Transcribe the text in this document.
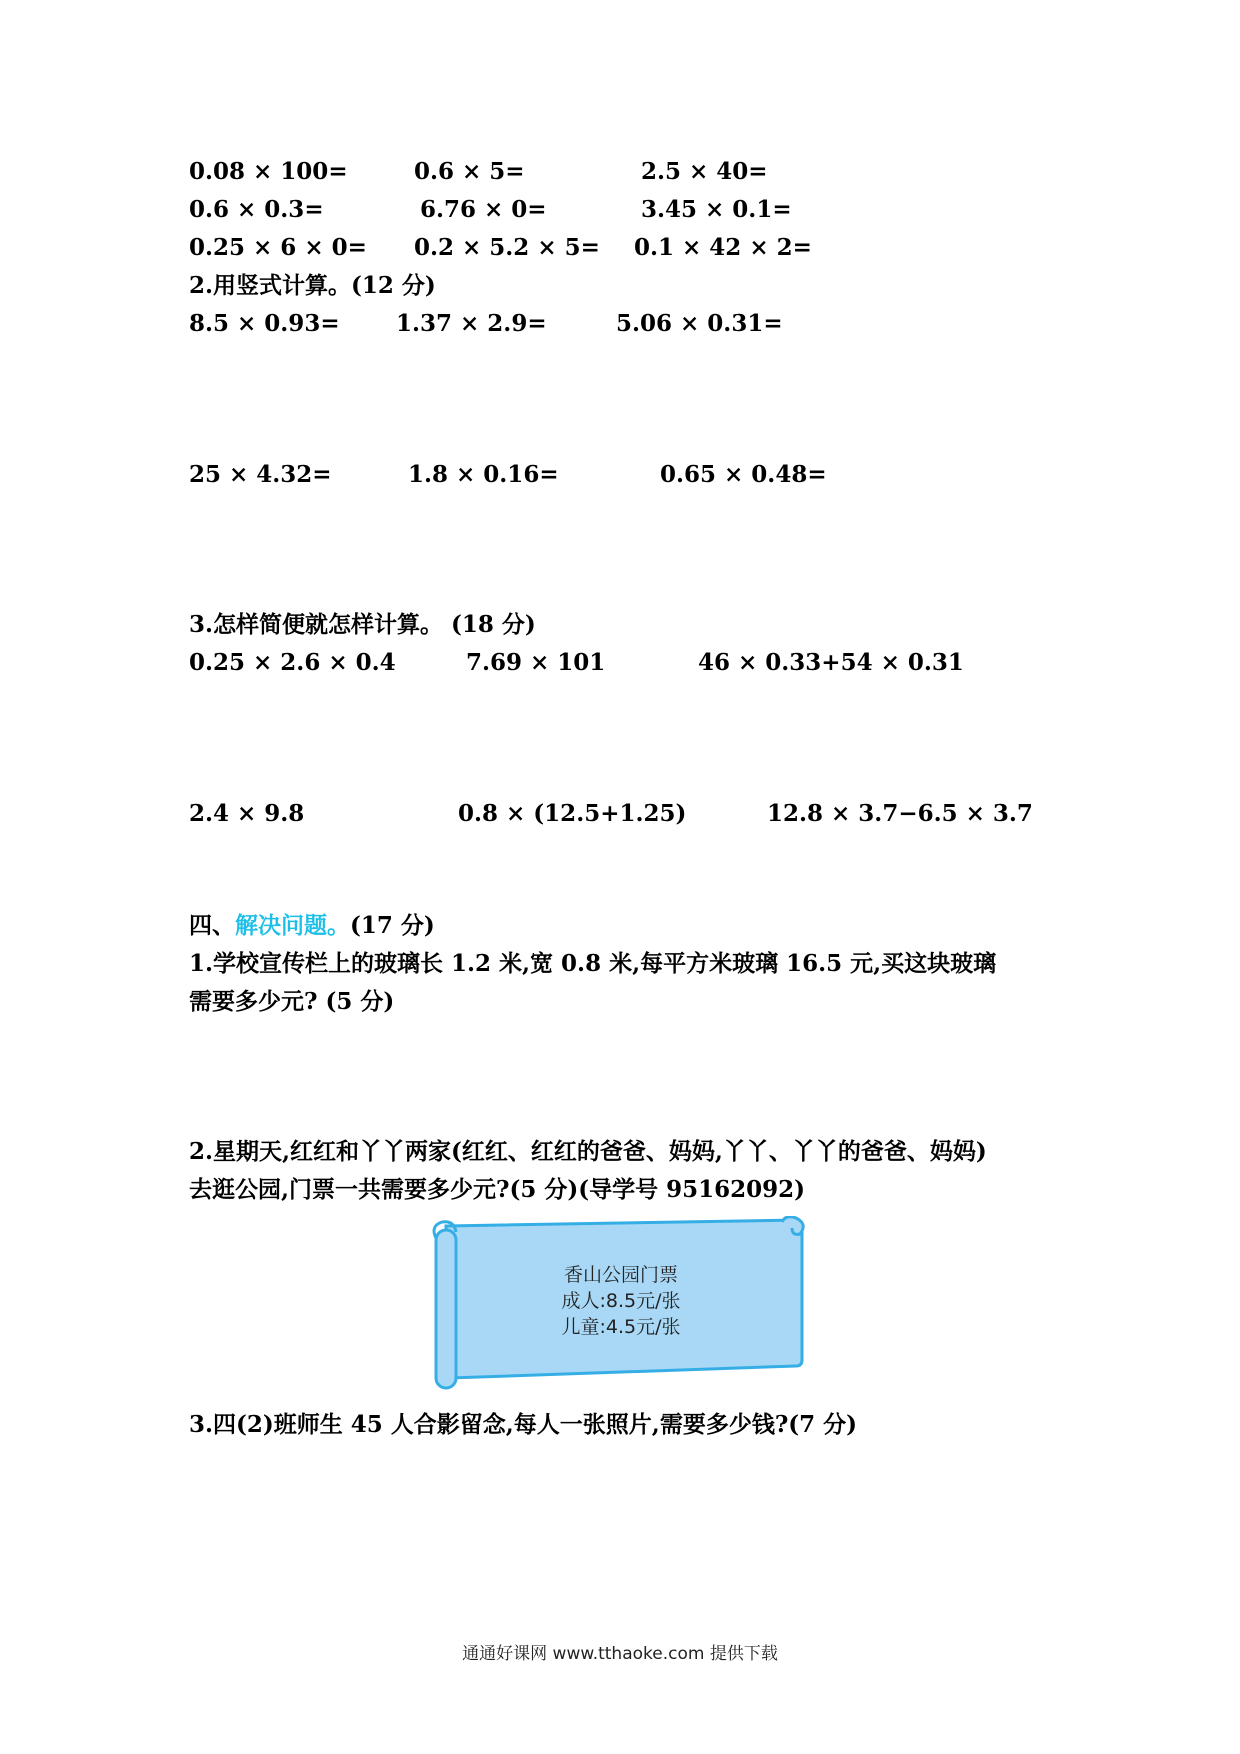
0.08 × 100=	0.6 × 5=	2.5 × 40=
0.6 × 0.3=	6.76 × 0=	3.45 × 0.1=
0.25 × 6 × 0= 0.2 × 5.2 × 5= 0.1 × 42 × 2=
2.用竖式计算。(12 分)
8.5 × 0.93= 1.37 × 2.9=	5.06 × 0.31=
25 × 4.32=	1.8 × 0.16=	0.65 × 0.48=
3.怎样简便就怎样计算。 (18 分)
0.25 × 2.6 × 0.4	7.69 × 101	46 × 0.33+54 × 0.31
2.4 × 9.8	0.8 × (12.5+1.25)	12.8 × 3.7−6.5 × 3.7
四、解决问题。(17 分)
1.学校宣传栏上的玻璃长 1.2 米,宽 0.8 米,每平方米玻璃 16.5 元,买这块玻璃
需要多少元? (5 分)
2.星期天,红红和丫丫两家(红红、红红的爸爸、妈妈,丫丫、丫丫的爸爸、妈妈)
去逛公园,门票一共需要多少元?(5 分)(导学号 95162092)
香山公园门票
成人:8.5元/张
儿童:4.5元/张
3.四(2)班师生 45 人合影留念,每人一张照片,需要多少钱?(7 分)
通通好课网 www.tthaoke.com 提供下载
